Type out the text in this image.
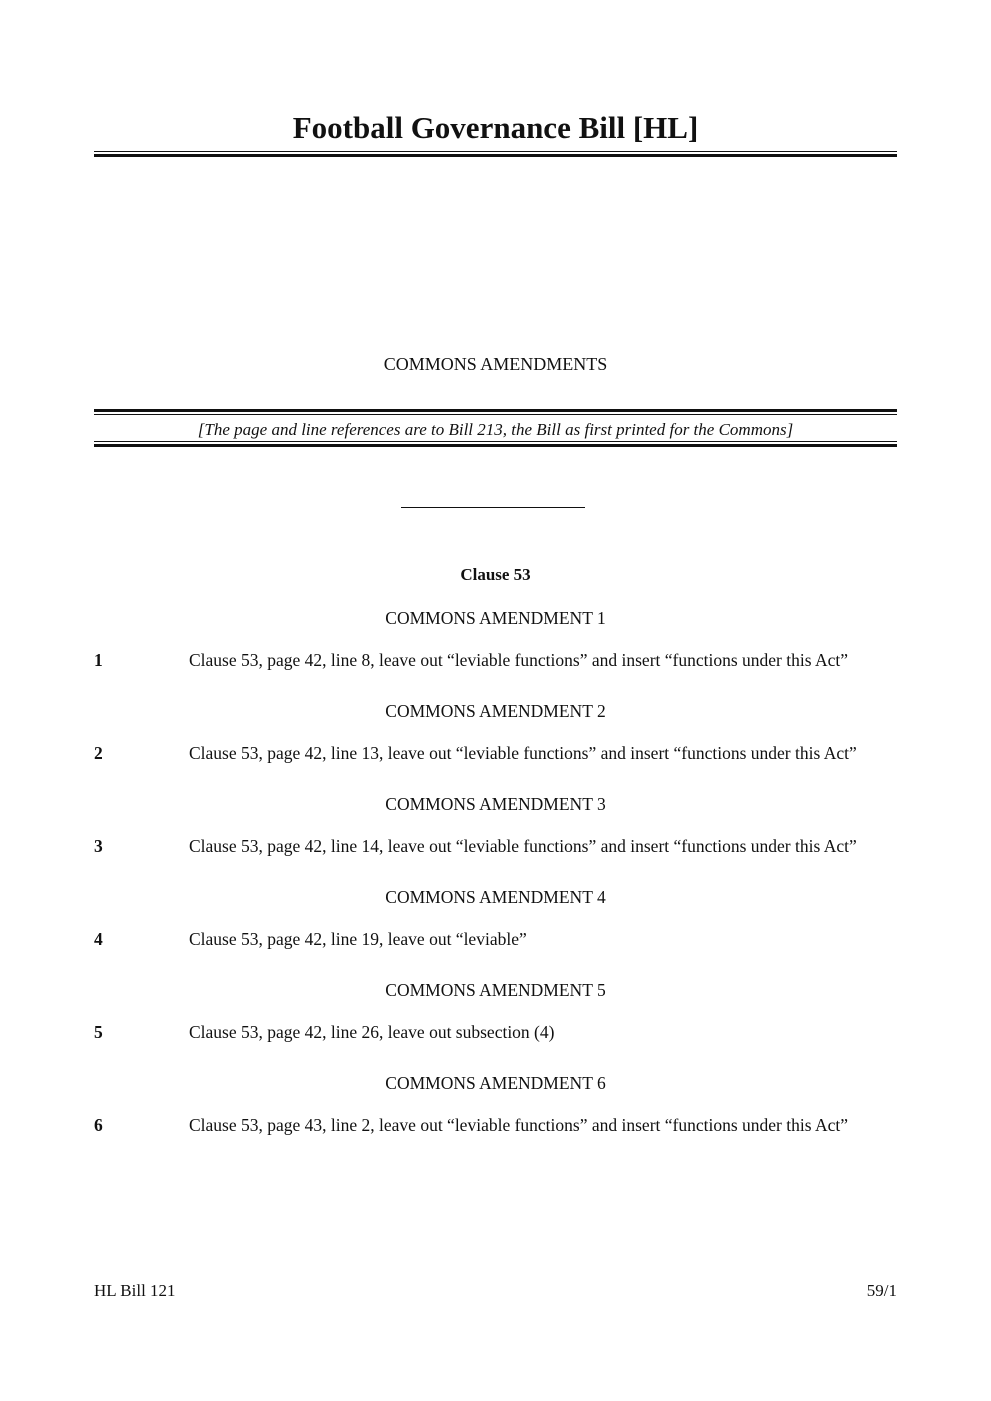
Football Governance Bill [HL]
COMMONS AMENDMENTS
[The page and line references are to Bill 213, the Bill as first printed for the Commons]
Clause 53
COMMONS AMENDMENT 1
1	Clause 53, page 42, line 8, leave out “leviable functions” and insert “functions under this Act”
COMMONS AMENDMENT 2
2	Clause 53, page 42, line 13, leave out “leviable functions” and insert “functions under this Act”
COMMONS AMENDMENT 3
3	Clause 53, page 42, line 14, leave out “leviable functions” and insert “functions under this Act”
COMMONS AMENDMENT 4
4	Clause 53, page 42, line 19, leave out “leviable”
COMMONS AMENDMENT 5
5	Clause 53, page 42, line 26, leave out subsection (4)
COMMONS AMENDMENT 6
6	Clause 53, page 43, line 2, leave out “leviable functions” and insert “functions under this Act”
HL Bill 121	59/1
